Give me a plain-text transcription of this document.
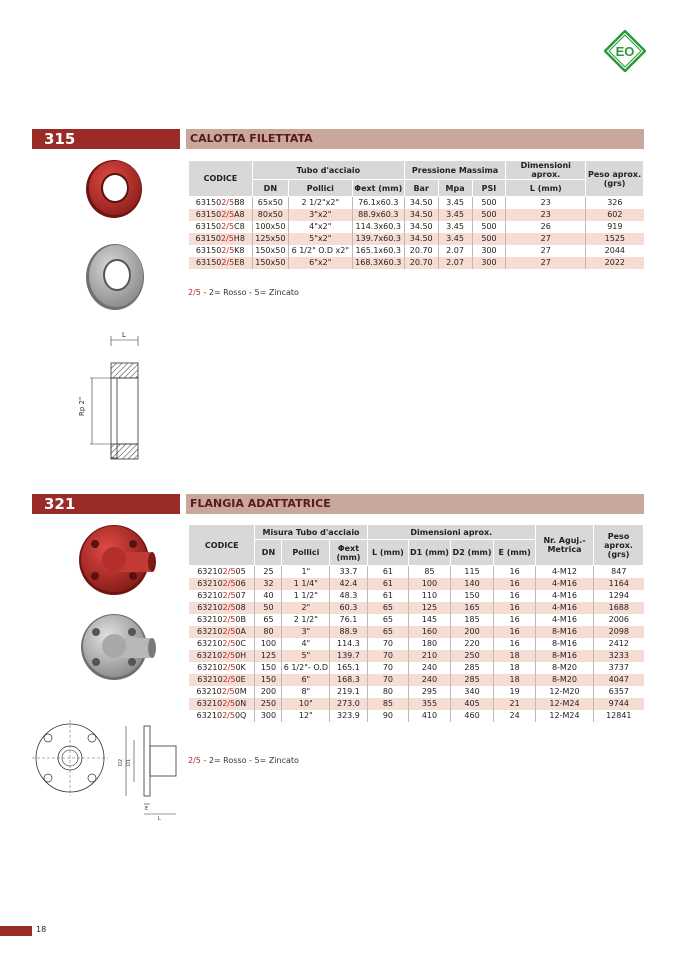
EO
315	CALOTTA FILETTATA
L
Rp 2"
CODICE	Tubo d'acciaio			Pressione Massima			Dimensioni aprox.	Peso aprox. (grs)
	DN	Pollici	Φext (mm)	Bar	Mpa	PSI	L (mm)	
631502/5B8	65x50	2 1/2"x2"	76.1x60.3	34.50	3.45	500	23	326
631502/5A8	80x50	3"x2"	88.9x60.3	34.50	3.45	500	23	602
631502/5C8	100x50	4"x2"	114.3x60.3	34.50	3.45	500	26	919
631502/5H8	125x50	5"x2"	139.7x60.3	34.50	3.45	500	27	1525
631502/5K8	150x50	6 1/2" O.D x2"	165.1x60.3	20.70	2.07	300	27	2044
631502/5E8	150x50	6"x2"	168.3X60.3	20.70	2.07	300	27	2022
2/5 - 2= Rosso - 5= Zincato
321	FLANGIA ADATTATRICE
D2 D1
E
L
CODICE	Misura Tubo d'acciaio			Dimensioni aprox.				Nr. Aguj.- Metrica	Peso aprox. (grs)
	DN	Pollici	Φext (mm)	L (mm)	D1 (mm)	D2 (mm)	E (mm)		
632102/505	25	1"	33.7	61	85	115	16	4-M12	847
632102/506	32	1 1/4"	42.4	61	100	140	16	4-M16	1164
632102/507	40	1 1/2"	48.3	61	110	150	16	4-M16	1294
632102/508	50	2"	60.3	65	125	165	16	4-M16	1688
632102/50B	65	2 1/2"	76.1	65	145	185	16	4-M16	2006
632102/50A	80	3"	88.9	65	160	200	16	8-M16	2098
632102/50C	100	4"	114.3	70	180	220	16	8-M16	2412
632102/50H	125	5"	139.7	70	210	250	18	8-M16	3233
632102/50K	150	6 1/2"- O.D	165.1	70	240	285	18	8-M20	3737
632102/50E	150	6"	168.3	70	240	285	18	8-M20	4047
632102/50M	200	8"	219.1	80	295	340	19	12-M20	6357
632102/50N	250	10"	273.0	85	355	405	21	12-M24	9744
632102/50Q	300	12"	323.9	90	410	460	24	12-M24	12841
2/5 - 2= Rosso - 5= Zincato
18
